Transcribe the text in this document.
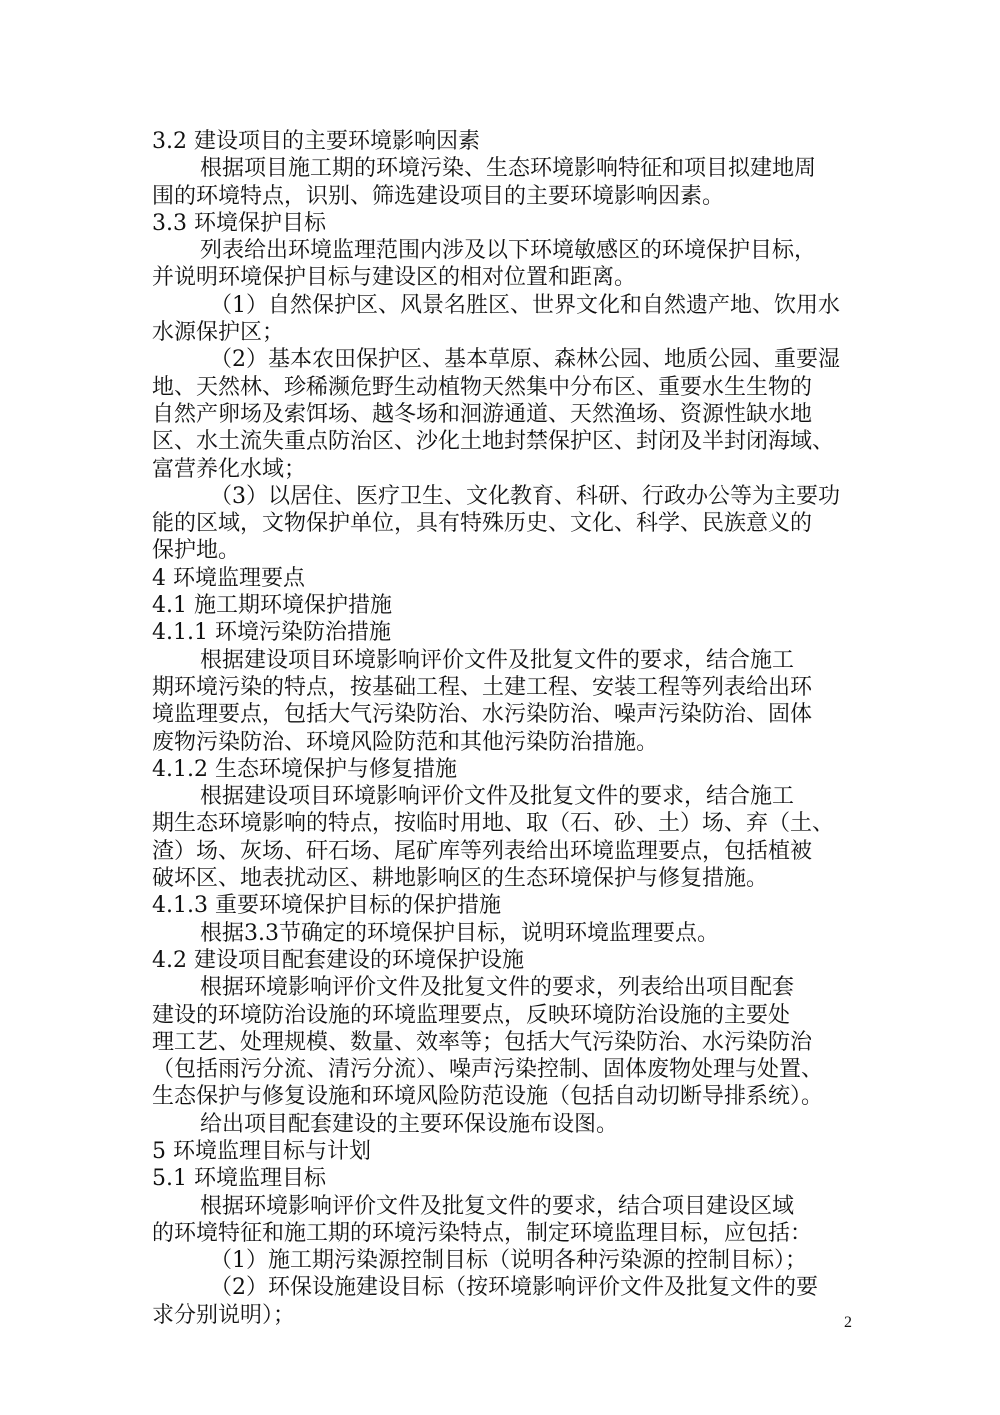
3.2 建设项目的主要环境影响因素
根据项目施工期的环境污染、生态环境影响特征和项目拟建地周
围的环境特点，识别、筛选建设项目的主要环境影响因素。
3.3 环境保护目标
列表给出环境监理范围内涉及以下环境敏感区的环境保护目标，
并说明环境保护目标与建设区的相对位置和距离。
（1）自然保护区、风景名胜区、世界文化和自然遗产地、饮用水
水源保护区；
（2）基本农田保护区、基本草原、森林公园、地质公园、重要湿
地、天然林、珍稀濒危野生动植物天然集中分布区、重要水生生物的
自然产卵场及索饵场、越冬场和洄游通道、天然渔场、资源性缺水地
区、水土流失重点防治区、沙化土地封禁保护区、封闭及半封闭海域、
富营养化水域；
（3）以居住、医疗卫生、文化教育、科研、行政办公等为主要功
能的区域，文物保护单位，具有特殊历史、文化、科学、民族意义的
保护地。
4 环境监理要点
4.1 施工期环境保护措施
4.1.1 环境污染防治措施
根据建设项目环境影响评价文件及批复文件的要求，结合施工
期环境污染的特点，按基础工程、土建工程、安装工程等列表给出环
境监理要点，包括大气污染防治、水污染防治、噪声污染防治、固体
废物污染防治、环境风险防范和其他污染防治措施。
4.1.2 生态环境保护与修复措施
根据建设项目环境影响评价文件及批复文件的要求，结合施工
期生态环境影响的特点，按临时用地、取（石、砂、土）场、弃（土、
渣）场、灰场、矸石场、尾矿库等列表给出环境监理要点，包括植被
破坏区、地表扰动区、耕地影响区的生态环境保护与修复措施。
4.1.3 重要环境保护目标的保护措施
根据3.3节确定的环境保护目标，说明环境监理要点。
4.2 建设项目配套建设的环境保护设施
根据环境影响评价文件及批复文件的要求，列表给出项目配套
建设的环境防治设施的环境监理要点，反映环境防治设施的主要处
理工艺、处理规模、数量、效率等；包括大气污染防治、水污染防治
（包括雨污分流、清污分流）、噪声污染控制、固体废物处理与处置、
生态保护与修复设施和环境风险防范设施（包括自动切断导排系统）。
给出项目配套建设的主要环保设施布设图。
5 环境监理目标与计划
5.1 环境监理目标
根据环境影响评价文件及批复文件的要求，结合项目建设区域
的环境特征和施工期的环境污染特点，制定环境监理目标，应包括：
（1）施工期污染源控制目标（说明各种污染源的控制目标）；
（2）环保设施建设目标（按环境影响评价文件及批复文件的要
求分别说明）；	2
